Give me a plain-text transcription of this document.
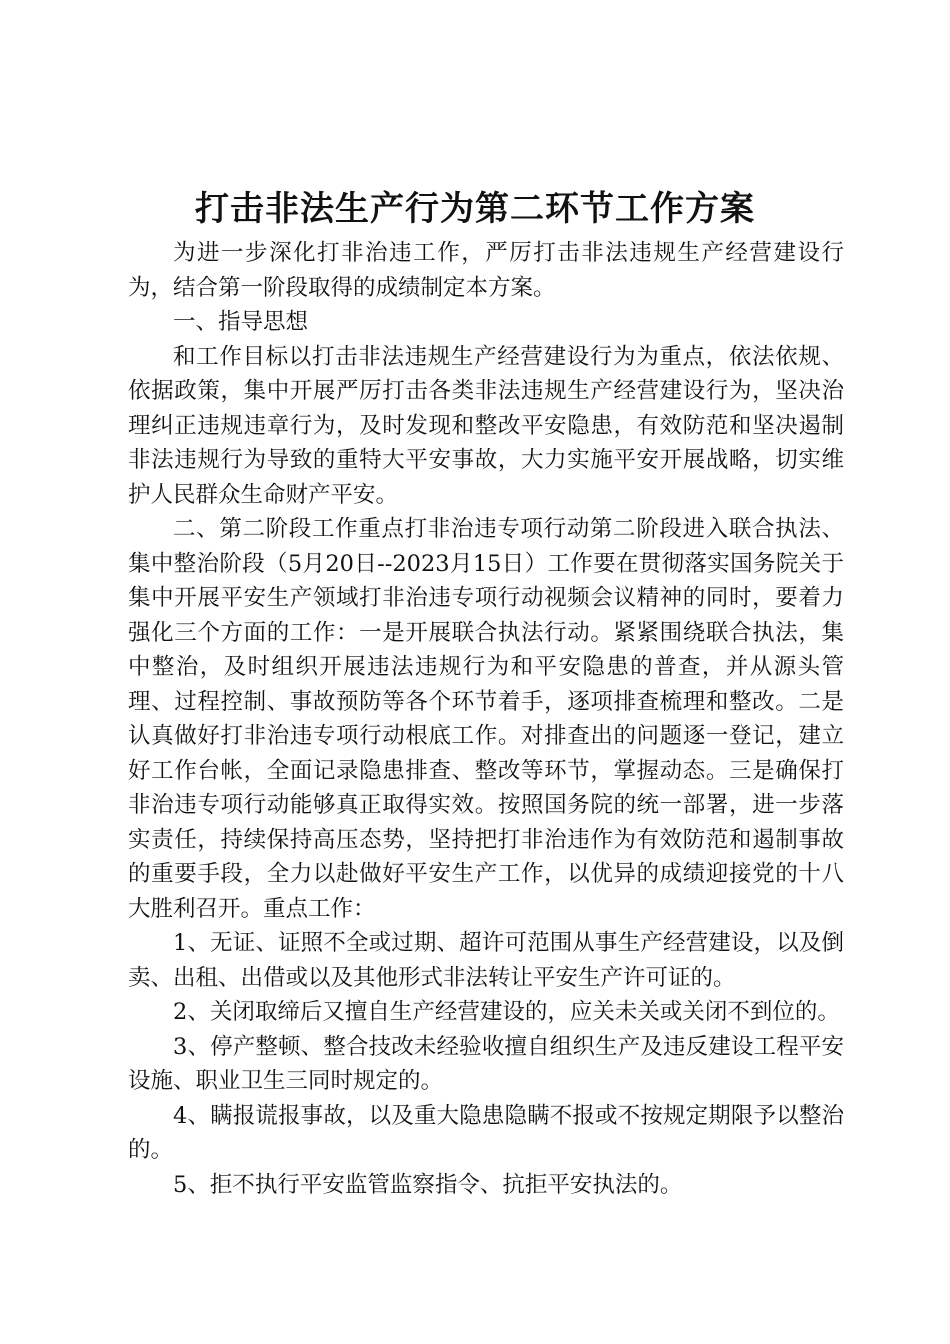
打击非法生产行为第二环节工作方案

为进一步深化打非治违工作，严厉打击非法违规生产经营建设行为，结合第一阶段取得的成绩制定本方案。

一、指导思想

和工作目标以打击非法违规生产经营建设行为为重点，依法依规、依据政策，集中开展严厉打击各类非法违规生产经营建设行为，坚决治理纠正违规违章行为，及时发现和整改平安隐患，有效防范和坚决遏制非法违规行为导致的重特大平安事故，大力实施平安开展战略，切实维护人民群众生命财产平安。

二、第二阶段工作重点打非治违专项行动第二阶段进入联合执法、集中整治阶段（5月20日--2023月15日）工作要在贯彻落实国务院关于集中开展平安生产领域打非治违专项行动视频会议精神的同时，要着力强化三个方面的工作：一是开展联合执法行动。紧紧围绕联合执法，集中整治，及时组织开展违法违规行为和平安隐患的普查，并从源头管理、过程控制、事故预防等各个环节着手，逐项排查梳理和整改。二是认真做好打非治违专项行动根底工作。对排查出的问题逐一登记，建立好工作台帐，全面记录隐患排查、整改等环节，掌握动态。三是确保打非治违专项行动能够真正取得实效。按照国务院的统一部署，进一步落实责任，持续保持高压态势，坚持把打非治违作为有效防范和遏制事故的重要手段，全力以赴做好平安生产工作，以优异的成绩迎接党的十八大胜利召开。重点工作：

1、无证、证照不全或过期、超许可范围从事生产经营建设，以及倒卖、出租、出借或以及其他形式非法转让平安生产许可证的。

2、关闭取缔后又擅自生产经营建设的，应关未关或关闭不到位的。

3、停产整顿、整合技改未经验收擅自组织生产及违反建设工程平安设施、职业卫生三同时规定的。

4、瞒报谎报事故，以及重大隐患隐瞒不报或不按规定期限予以整治的。

5、拒不执行平安监管监察指令、抗拒平安执法的。
